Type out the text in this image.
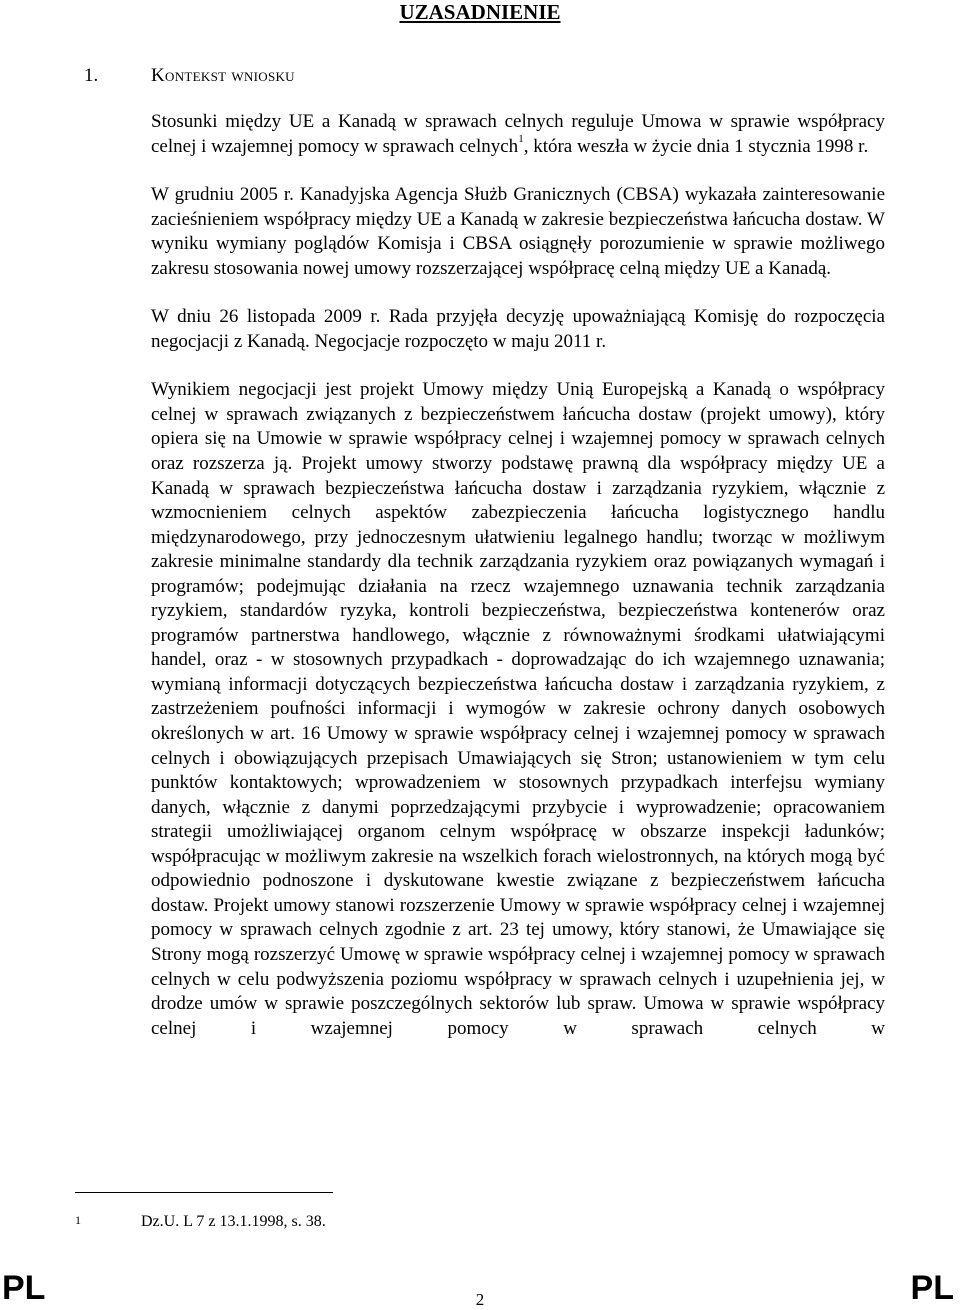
UZASADNIENIE
1.	Kontekst wniosku

Stosunki między UE a Kanadą w sprawach celnych reguluje Umowa w sprawie współpracy celnej i wzajemnej pomocy w sprawach celnych$^1$, która weszła w życie dnia 1 stycznia 1998 r.

W grudniu 2005 r. Kanadyjska Agencja Służb Granicznych (CBSA) wykazała zainteresowanie zacieśnieniem współpracy między UE a Kanadą w zakresie bezpieczeństwa łańcucha dostaw. W wyniku wymiany poglądów Komisja i CBSA osiągnęły porozumienie w sprawie możliwego zakresu stosowania nowej umowy rozszerzającej współpracę celną między UE a Kanadą.

W dniu 26 listopada 2009 r. Rada przyjęła decyzję upoważniającą Komisję do rozpoczęcia negocjacji z Kanadą. Negocjacje rozpoczęto w maju 2011 r.

Wynikiem negocjacji jest projekt Umowy między Unią Europejską a Kanadą o współpracy celnej w sprawach związanych z bezpieczeństwem łańcucha dostaw (projekt umowy), który opiera się na Umowie w sprawie współpracy celnej i wzajemnej pomocy w sprawach celnych oraz rozszerza ją. Projekt umowy stworzy podstawę prawną dla współpracy między UE a Kanadą w sprawach bezpieczeństwa łańcucha dostaw i zarządzania ryzykiem, włącznie z wzmocnieniem celnych aspektów zabezpieczenia łańcucha logistycznego handlu międzynarodowego, przy jednoczesnym ułatwieniu legalnego handlu; tworząc w możliwym zakresie minimalne standardy dla technik zarządzania ryzykiem oraz powiązanych wymagań i programów; podejmując działania na rzecz wzajemnego uznawania technik zarządzania ryzykiem, standardów ryzyka, kontroli bezpieczeństwa, bezpieczeństwa kontenerów oraz programów partnerstwa handlowego, włącznie z równoważnymi środkami ułatwiającymi handel, oraz - w stosownych przypadkach - doprowadzając do ich wzajemnego uznawania; wymianą informacji dotyczących bezpieczeństwa łańcucha dostaw i zarządzania ryzykiem, z zastrzeżeniem poufności informacji i wymogów w zakresie ochrony danych osobowych określonych w art. 16 Umowy w sprawie współpracy celnej i wzajemnej pomocy w sprawach celnych i obowiązujących przepisach Umawiających się Stron; ustanowieniem w tym celu punktów kontaktowych; wprowadzeniem w stosownych przypadkach interfejsu wymiany danych, włącznie z danymi poprzedzającymi przybycie i wyprowadzenie; opracowaniem strategii umożliwiającej organom celnym współpracę w obszarze inspekcji ładunków; współpracując w możliwym zakresie na wszelkich forach wielostronnych, na których mogą być odpowiednio podnoszone i dyskutowane kwestie związane z bezpieczeństwem łańcucha dostaw. Projekt umowy stanowi rozszerzenie Umowy w sprawie współpracy celnej i wzajemnej pomocy w sprawach celnych zgodnie z art. 23 tej umowy, który stanowi, że Umawiające się Strony mogą rozszerzyć Umowę w sprawie współpracy celnej i wzajemnej pomocy w sprawach celnych w celu podwyższenia poziomu współpracy w sprawach celnych i uzupełnienia jej, w drodze umów w sprawie poszczególnych sektorów lub spraw. Umowa w sprawie współpracy celnej i wzajemnej pomocy w sprawach celnych w

1	Dz.U. L 7 z 13.1.1998, s. 38.
PL	2	PL
